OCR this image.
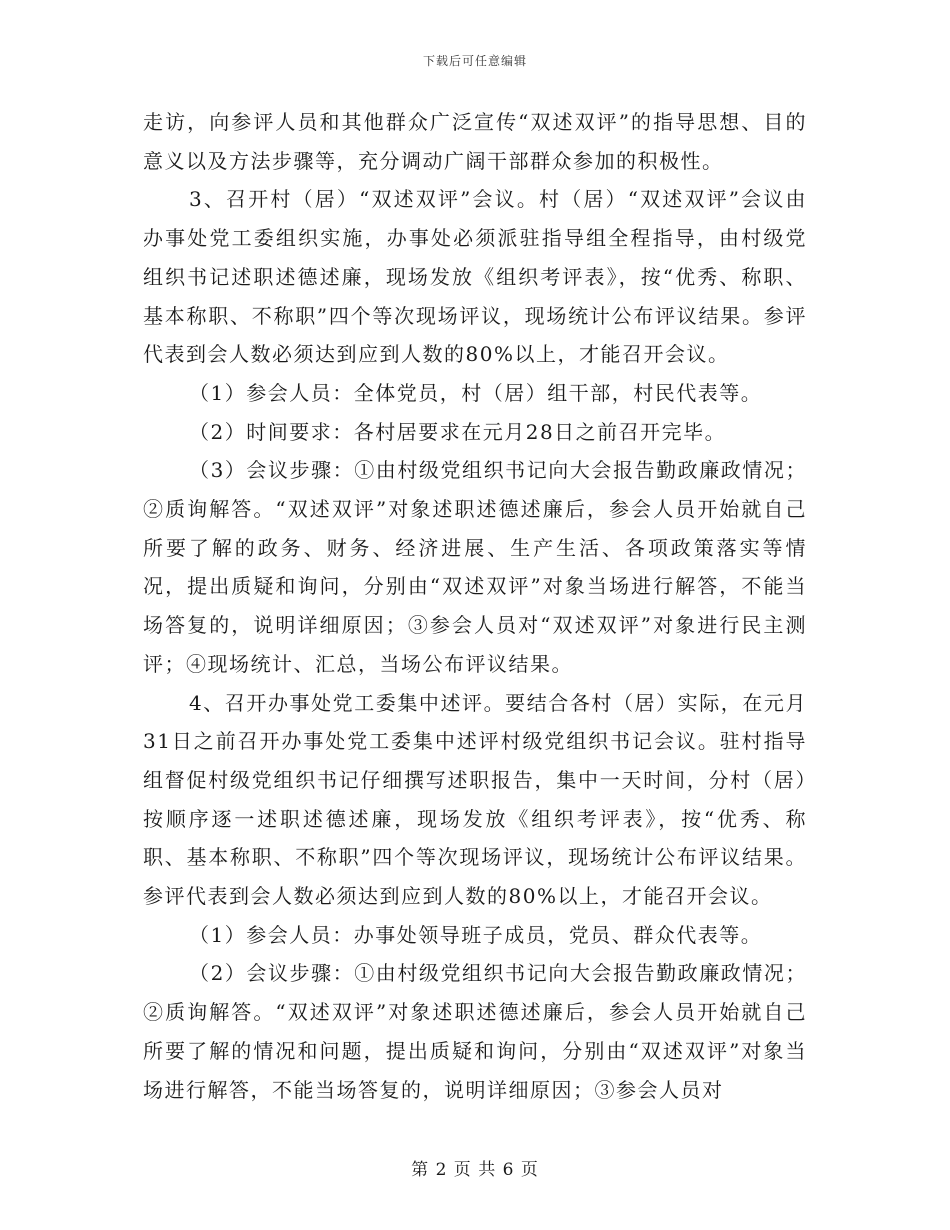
下载后可任意编辑

走访，向参评人员和其他群众广泛宣传“双述双评”的指导思想、目的意义以及方法步骤等，充分调动广阔干部群众参加的积极性。

3、召开村（居）“双述双评”会议。村（居）“双述双评”会议由办事处党工委组织实施，办事处必须派驻指导组全程指导，由村级党组织书记述职述德述廉，现场发放《组织考评表》，按“优秀、称职、基本称职、不称职”四个等次现场评议，现场统计公布评议结果。参评代表到会人数必须达到应到人数的80%以上，才能召开会议。

（1）参会人员：全体党员，村（居）组干部，村民代表等。

（2）时间要求：各村居要求在元月28日之前召开完毕。

（3）会议步骤：①由村级党组织书记向大会报告勤政廉政情况；②质询解答。“双述双评”对象述职述德述廉后，参会人员开始就自己所要了解的政务、财务、经济进展、生产生活、各项政策落实等情况，提出质疑和询问，分别由“双述双评”对象当场进行解答，不能当场答复的，说明详细原因；③参会人员对“双述双评”对象进行民主测评；④现场统计、汇总，当场公布评议结果。

4、召开办事处党工委集中述评。要结合各村（居）实际，在元月31日之前召开办事处党工委集中述评村级党组织书记会议。驻村指导组督促村级党组织书记仔细撰写述职报告，集中一天时间，分村（居）按顺序逐一述职述德述廉，现场发放《组织考评表》，按“优秀、称职、基本称职、不称职”四个等次现场评议，现场统计公布评议结果。参评代表到会人数必须达到应到人数的80%以上，才能召开会议。

（1）参会人员：办事处领导班子成员，党员、群众代表等。

（2）会议步骤：①由村级党组织书记向大会报告勤政廉政情况；②质询解答。“双述双评”对象述职述德述廉后，参会人员开始就自己所要了解的情况和问题，提出质疑和询问，分别由“双述双评”对象当场进行解答，不能当场答复的，说明详细原因；③参会人员对

第 2 页 共 6 页
